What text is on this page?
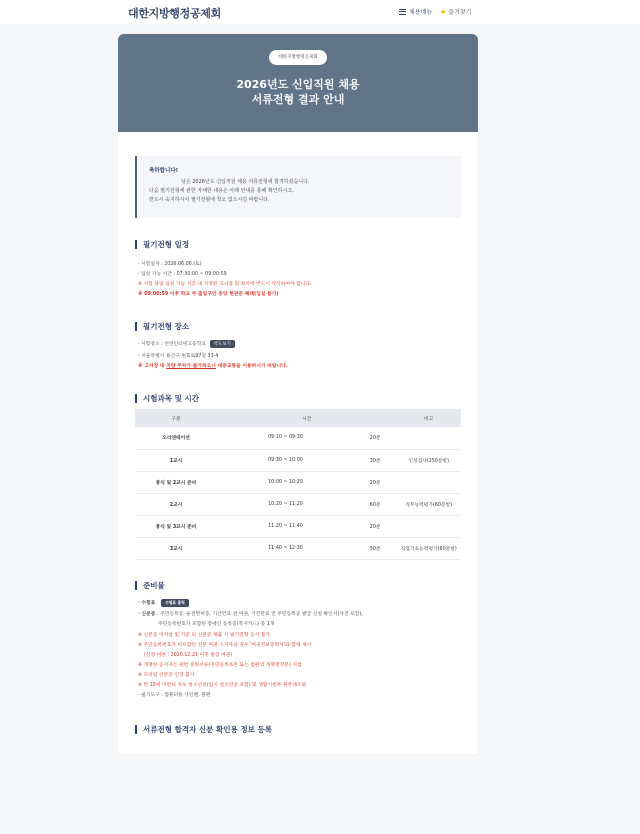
대한지방행정공제회	채용메뉴 ★ 즐겨찾기
대한지방행정공제회
2026년도 신입직원 채용
서류전형 결과 안내
축하합니다!

님은 2026년도 신입직원 채용 서류전형에 합격하셨습니다.

다음 필기전형에 관한 자세한 내용은 아래 안내를 통해 확인하시고,

반드시 숙지하시어 필기전형에 착오 없으시길 바랍니다.

필기전형 일정
· 시험일자 : 2026.06.06.(토)
· 입실 가능 시간 : 07:30:00 ~ 09:00:59
※ 시험 당일 입실 가능 시간 내 지정된 고사장 및 좌석에 반드시 착석하여야 합니다.
※ 09:00:59 이후 학교 주 출입구인 중앙 현관문 폐쇄(입실 불가)
필기전형 장소
· 시험장소 : 선린인터넷고등학교 약도보기
- 서울특별시 용산구 원효로97길 33-4
※ 고사장 내 차량 주차가 불가하오니 대중교통을 이용하시기 바랍니다.
시험과목 및 시간
구분	시간		비고
오리엔테이션	09:10 ~ 09:30	20분	
1교시	09:30 ~ 10:00	30분	인성검사(250문항)
휴식 및 2교시 준비	10:00 ~ 10:20	20분	
2교시	10:20 ~ 11:20	60분	직무능력평가(60문항)
휴식 및 3교시 준비	11:20 ~ 11:40	20분	
3교시	11:40 ~ 12:30	50분	직업기초능력평가(60문항)
준비물
· 수험표	수험표 출력
· 신분증 : 주민등록증, 운전면허증, 기간만료 전 여권, 기간만료 전 주민등록증 발급 신청 확인서(사진 포함),
주민등록번호가 포함된 장애인 등록증(복지카드) 중 1개
※ 신분증 미지참 및 기준 외 신분증 제출 시 필기전형 응시 불가
※ 주민등록번호가 미포함된 신분 여권 소지자의 경우 '여권정보증명서'와 함께 제시
(신청 여권 : 2020.12.21 이후 발급 여권)
※ 개명한 응시자는 관련 증빙서류(주민등록초본 또는 법원의 개명결정문) 지참
※ 모바일 신분증 인정 불가
※ 만 18세 미만의 경우 청소년증(임시 청소년증 포함) 및 생활기록부 원본대조필
· 필기도구 : 컴퓨터용 사인펜, 볼펜
서류전형 합격자 신분 확인용 정보 등록
